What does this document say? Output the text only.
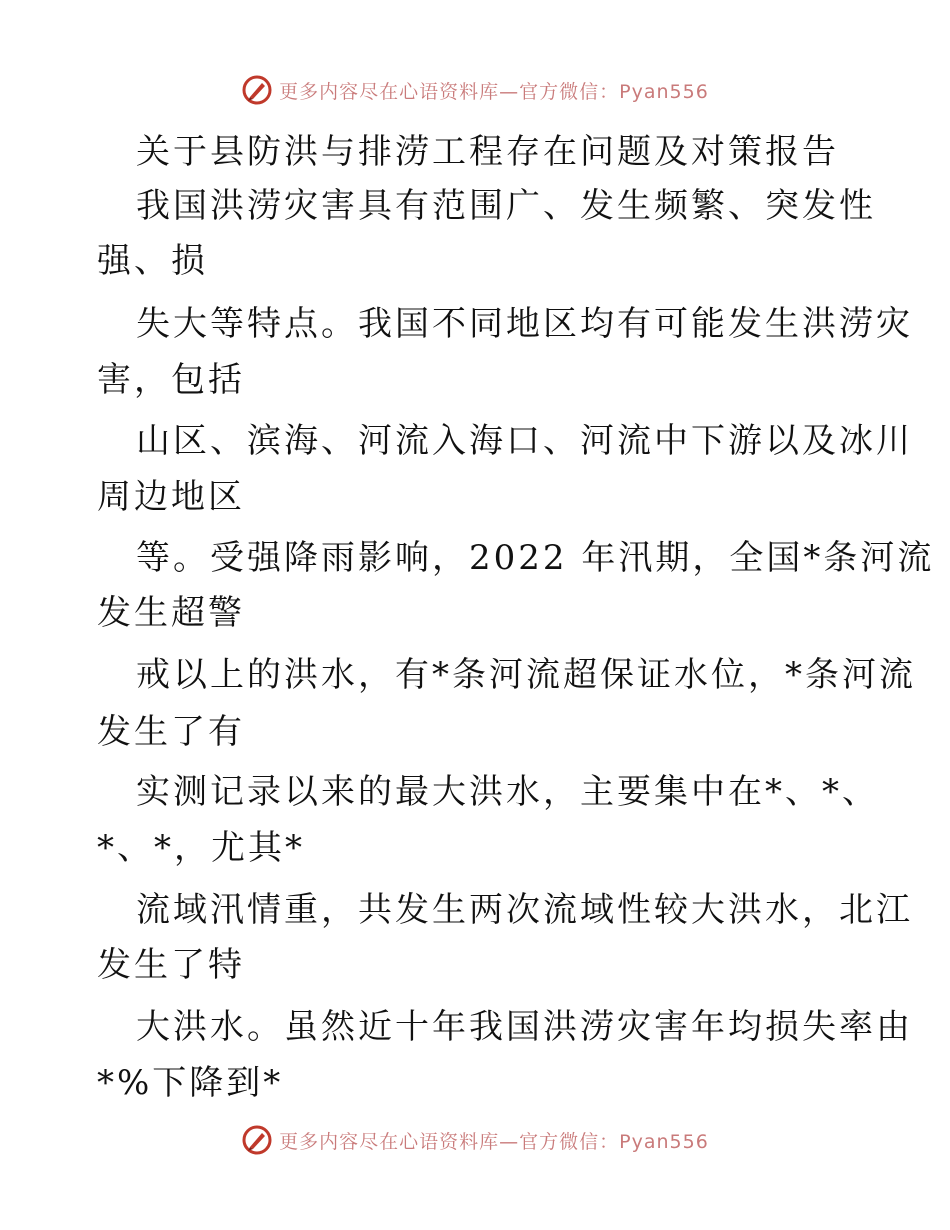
更多内容尽在心语资料库—官方微信：Pyan556
关于县防洪与排涝工程存在问题及对策报告
我国洪涝灾害具有范围广、发生频繁、突发性
强、损
失大等特点。我国不同地区均有可能发生洪涝灾
害，包括
山区、滨海、河流入海口、河流中下游以及冰川
周边地区
等。受强降雨影响，2022 年汛期，全国*条河流
发生超警
戒以上的洪水，有*条河流超保证水位，*条河流
发生了有
实测记录以来的最大洪水，主要集中在*、*、
*、*，尤其*
流域汛情重，共发生两次流域性较大洪水，北江
发生了特
大洪水。虽然近十年我国洪涝灾害年均损失率由
*%下降到*
更多内容尽在心语资料库—官方微信：Pyan556
